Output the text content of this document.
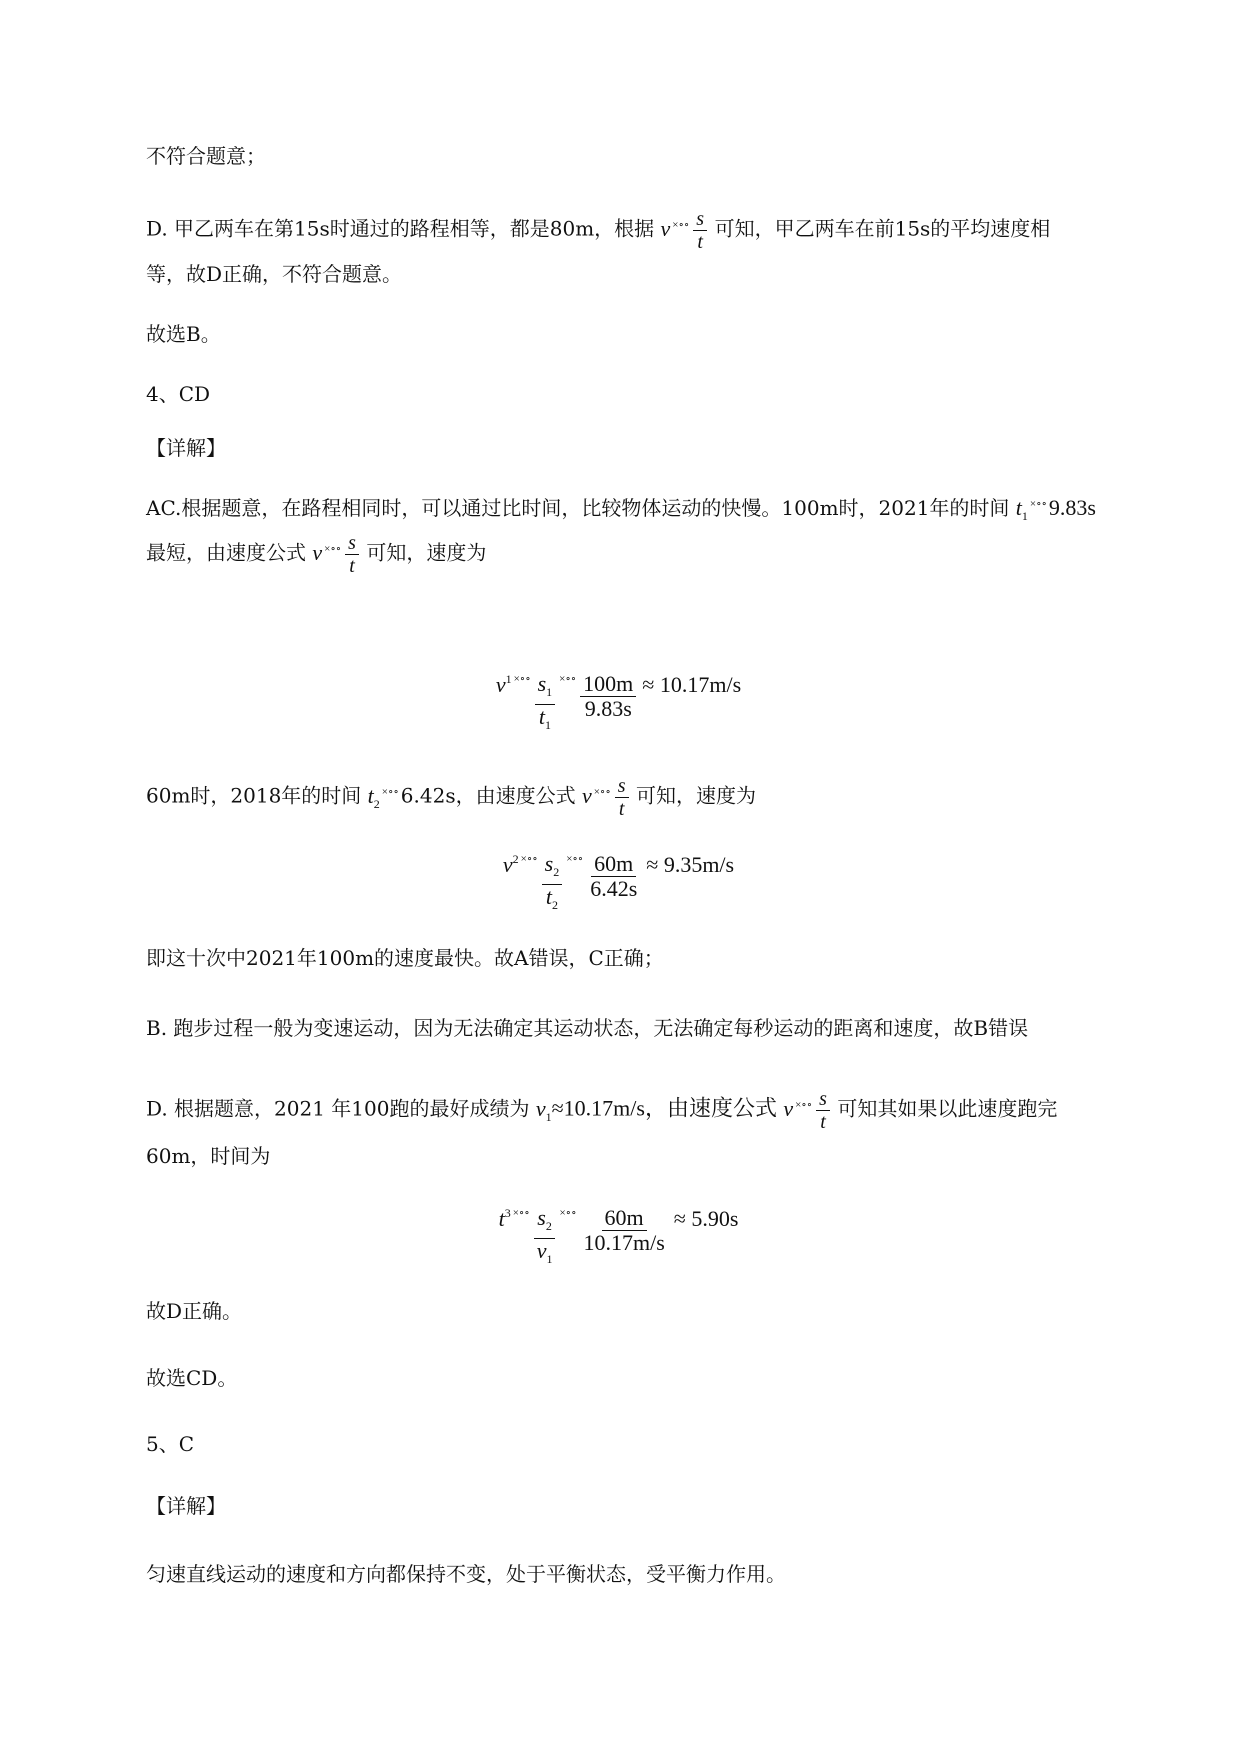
不符合题意；
D. 甲乙两车在第15s时通过的路程相等，都是80m，根据 v $^{\times\circ\circ} \frac{s}{t}$ 可知，甲乙两车在前15s的平均速度相
等，故D正确，不符合题意。
故选B。
4、CD
【详解】
AC.根据题意，在路程相同时，可以通过比时间，比较物体运动的快慢。100m时，2021年的时间 $t_1^{\times\circ\circ}9.83s$
最短，由速度公式 v $^{\times\circ\circ} \frac{s}{t}$ 可知，速度为
v 1 ×∘∘ $\frac{s_1}{t_1}$ ×∘∘ $\frac{100m}{9.83s} \approx 10.17m/s$
60m时，2018年的时间 $t_2^{\times\circ\circ}$ 6.42s，由速度公式 v $^{\times\circ\circ} \frac{s}{t}$ 可知，速度为
v 2 ×∘∘ $\frac{s_2}{t_2}$ ×∘∘ $\frac{60m}{6.42s} \approx 9.35m/s$
即这十次中2021年100m的速度最快。故A错误，C正确；
B. 跑步过程一般为变速运动，因为无法确定其运动状态，无法确定每秒运动的距离和速度，故B错误
D. 根据题意，2021 年100跑的最好成绩为 $v_1\approx 10.17m/s$，由速度公式 v $^{\times\circ\circ} \frac{s}{t}$ 可知其如果以此速度跑完
60m，时间为
t 3 ×∘∘ $\frac{s_2}{v_1}$ ×∘∘ $\frac{60m}{10.17m/s} \approx 5.90s$
故D正确。
故选CD。
5、C
【详解】
匀速直线运动的速度和方向都保持不变，处于平衡状态，受平衡力作用。
